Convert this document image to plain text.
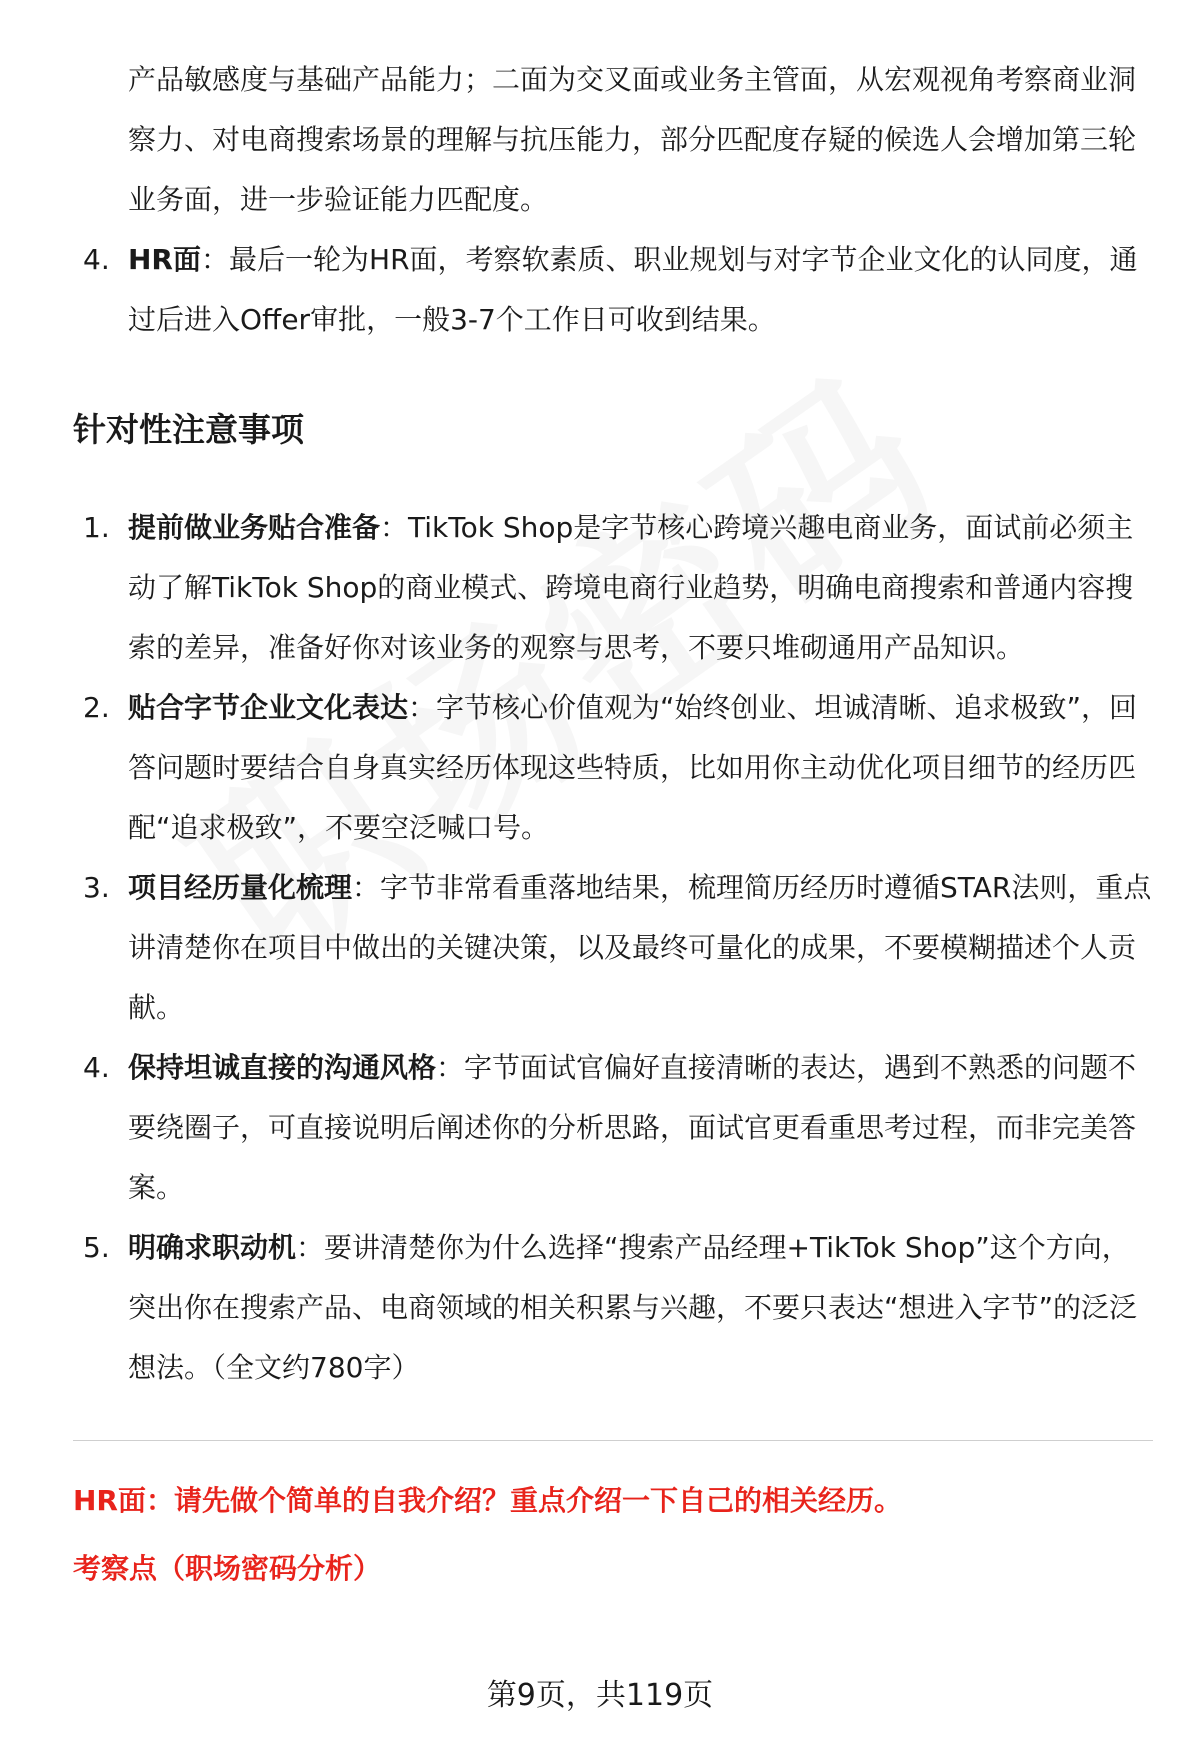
产品敏感度与基础产品能力；二面为交叉面或业务主管面，从宏观视角考察商业洞察力、对电商搜索场景的理解与抗压能力，部分匹配度存疑的候选人会增加第三轮业务面，进一步验证能力匹配度。

4. HR面：最后一轮为HR面，考察软素质、职业规划与对字节企业文化的认同度，通过后进入Offer审批，一般3-7个工作日可收到结果。
针对性注意事项
1. 提前做业务贴合准备：TikTok Shop是字节核心跨境兴趣电商业务，面试前必须主动了解TikTok Shop的商业模式、跨境电商行业趋势，明确电商搜索和普通内容搜索的差异，准备好你对该业务的观察与思考，不要只堆砌通用产品知识。
2. 贴合字节企业文化表达：字节核心价值观为“始终创业、坦诚清晰、追求极致”，回答问题时要结合自身真实经历体现这些特质，比如用你主动优化项目细节的经历匹配“追求极致”，不要空泛喊口号。
3. 项目经历量化梳理：字节非常看重落地结果，梳理简历经历时遵循STAR法则，重点讲清楚你在项目中做出的关键决策，以及最终可量化的成果，不要模糊描述个人贡献。
4. 保持坦诚直接的沟通风格：字节面试官偏好直接清晰的表达，遇到不熟悉的问题不要绕圈子，可直接说明后阐述你的分析思路，面试官更看重思考过程，而非完美答案。
5. 明确求职动机：要讲清楚你为什么选择“搜索产品经理+TikTok Shop”这个方向，突出你在搜索产品、电商领域的相关积累与兴趣，不要只表达“想进入字节”的泛泛想法。（全文约780字）

HR面：请先做个简单的自我介绍？重点介绍一下自己的相关经历。

考察点（职场密码分析）

第9页，共119页
